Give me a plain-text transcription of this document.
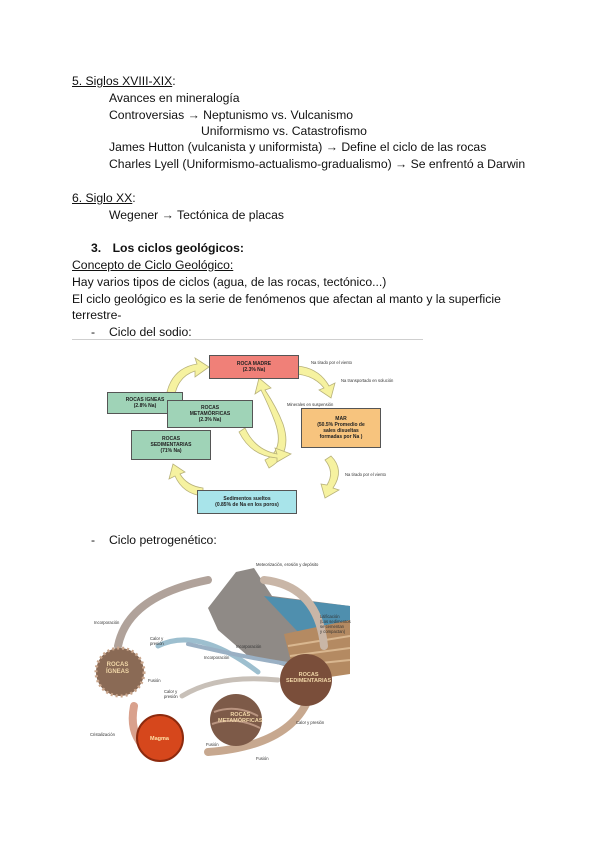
5. Siglos XVIII-XIX:
Avances en mineralogía
Controversias → Neptunismo vs. Vulcanismo
Uniformismo vs. Catastrofismo
James Hutton (vulcanista y uniformista) → Define el ciclo de las rocas
Charles Lyell (Uniformismo-actualismo-gradualismo) → Se enfrentó a Darwin
6. Siglo XX:
Wegener → Tectónica de placas
3. Los ciclos geológicos:
Concepto de Ciclo Geológico:
Hay varios tipos de ciclos (agua, de las rocas, tectónico...)
El ciclo geológico es la serie de fenómenos que afectan al manto y la superficie
terrestre-
- Ciclo del sodio:
ROCA MADRE
(2.3% Na)
ROCAS IGNEAS
(2.8% Na)	ROCAS
METAMÓRFICAS
(2.3% Na)
ROCAS
SEDIMENTARIAS
(71% Na)
MAR
(50.5% Promedio de
sales disueltas
formadas por Na )
Sedimentos sueltos
(0.85% de Na en los poros)
Na tirado por el viento
Na transportado en solución
Minerales en suspensión
Na tirado por el viento
- Ciclo petrogenético:
Meteorización, erosión y depósito
Litificación
(Los sedimentos
se cementan
y compactan)
Incorporación
Calor y
presión
Incorporación
Incorporación
Fusión
Calor y
presión
Calor y presión
Cristalización
Fusión
Fusión
ROCAS
ÍGNEAS	ROCAS
SEDIMENTARIAS
ROCAS
METAMÓRFICAS
Magma
